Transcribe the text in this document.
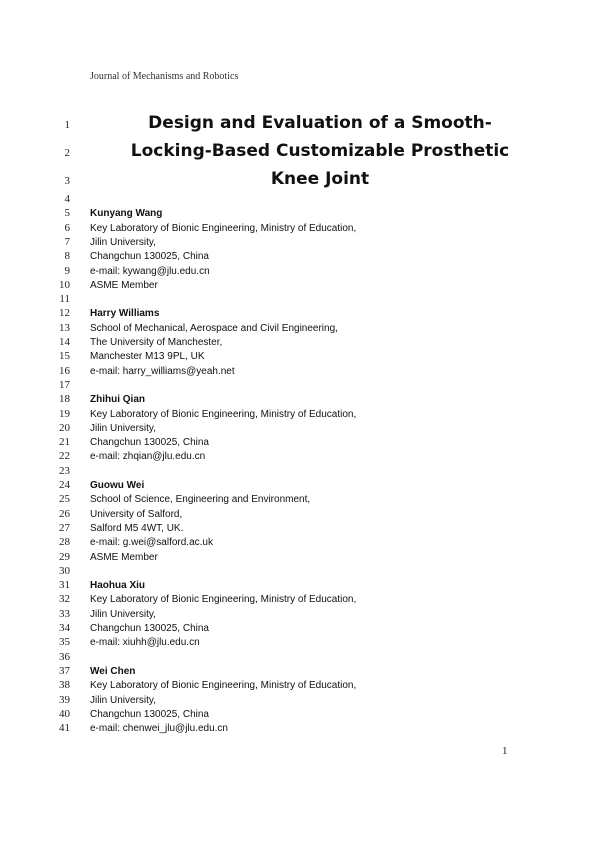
Journal of Mechanisms and Robotics
Design and Evaluation of a Smooth-
Locking-Based Customizable Prosthetic
Knee Joint
1
2
3
4
5 Kunyang Wang
6 Key Laboratory of Bionic Engineering, Ministry of Education,
7 Jilin University,
8 Changchun 130025, China
9 e-mail: kywang@jlu.edu.cn
10 ASME Member
11
12 Harry Williams
13 School of Mechanical, Aerospace and Civil Engineering,
14 The University of Manchester,
15 Manchester M13 9PL, UK
16 e-mail: harry_williams@yeah.net
17
18 Zhihui Qian
19 Key Laboratory of Bionic Engineering, Ministry of Education,
20 Jilin University,
21 Changchun 130025, China
22 e-mail: zhqian@jlu.edu.cn
23
24 Guowu Wei
25 School of Science, Engineering and Environment,
26 University of Salford,
27 Salford M5 4WT, UK.
28 e-mail: g.wei@salford.ac.uk
29 ASME Member
30
31 Haohua Xiu
32 Key Laboratory of Bionic Engineering, Ministry of Education,
33 Jilin University,
34 Changchun 130025, China
35 e-mail: xiuhh@jlu.edu.cn
36
37 Wei Chen
38 Key Laboratory of Bionic Engineering, Ministry of Education,
39 Jilin University,
40 Changchun 130025, China
41 e-mail: chenwei_jlu@jlu.edu.cn
1
